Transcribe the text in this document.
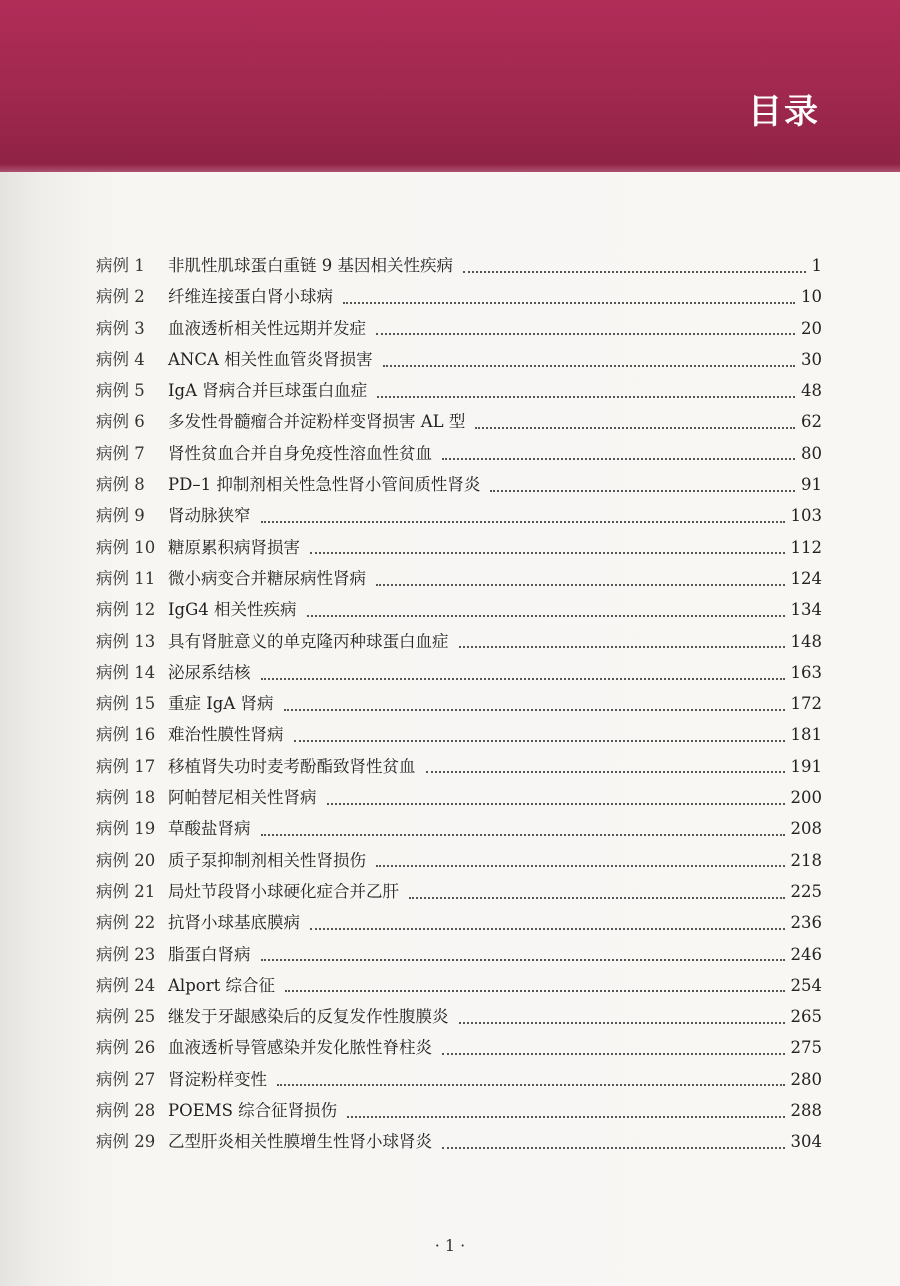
目录
病例 1	非肌性肌球蛋白重链 9 基因相关性疾病	1
病例 2	纤维连接蛋白肾小球病	10
病例 3	血液透析相关性远期并发症	20
病例 4	ANCA 相关性血管炎肾损害	30
病例 5	IgA 肾病合并巨球蛋白血症	48
病例 6	多发性骨髓瘤合并淀粉样变肾损害 AL 型	62
病例 7	肾性贫血合并自身免疫性溶血性贫血	80
病例 8	PD–1 抑制剂相关性急性肾小管间质性肾炎	91
病例 9	肾动脉狭窄	103
病例 10 糖原累积病肾损害	112
病例 11 微小病变合并糖尿病性肾病	124
病例 12 IgG4 相关性疾病	134
病例 13 具有肾脏意义的单克隆丙种球蛋白血症	148
病例 14 泌尿系结核	163
病例 15 重症 IgA 肾病	172
病例 16 难治性膜性肾病	181
病例 17 移植肾失功时麦考酚酯致肾性贫血	191
病例 18 阿帕替尼相关性肾病	200
病例 19 草酸盐肾病	208
病例 20 质子泵抑制剂相关性肾损伤	218
病例 21 局灶节段肾小球硬化症合并乙肝	225
病例 22 抗肾小球基底膜病	236
病例 23 脂蛋白肾病	246
病例 24 Alport 综合征	254
病例 25 继发于牙龈感染后的反复发作性腹膜炎	265
病例 26 血液透析导管感染并发化脓性脊柱炎	275
病例 27 肾淀粉样变性	280
病例 28 POEMS 综合征肾损伤	288
病例 29 乙型肝炎相关性膜增生性肾小球肾炎	304
· 1 ·
